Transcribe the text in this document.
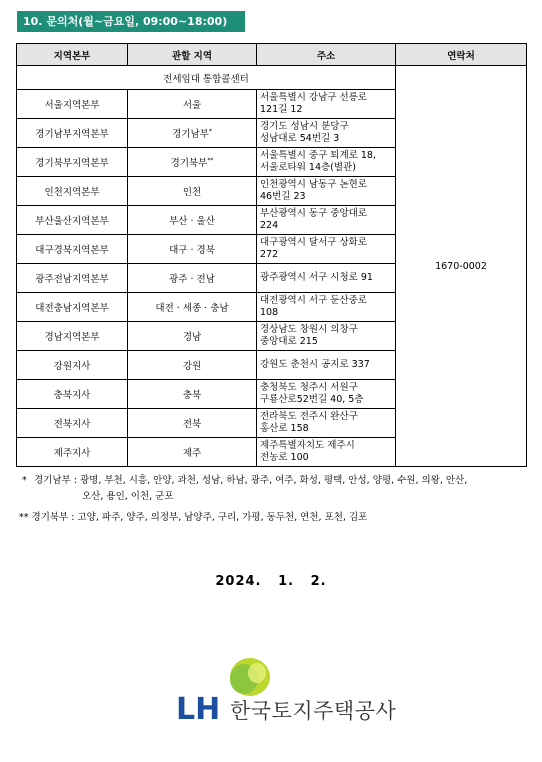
10. 문의처(월~금요일, 09:00~18:00)
지역본부	관할 지역	주소	연락처
전세임대 통합콜센터			1670-0002
서울지역본부	서울	서울특별시 강남구 선릉로
121길 12	

경기남부지역본부	경기남부*	경기도 성남시 분당구
성남대로 54번길 3	

경기북부지역본부	경기북부**	서울특별시 중구 퇴계로 18,
서울로타워 14층(별관)	

인천지역본부	인천	인천광역시 남동구 논현로
46번길 23	

부산울산지역본부	부산 · 울산	부산광역시 동구 중앙대로
224	

대구경북지역본부	대구 · 경북	대구광역시 달서구 상화로
272	

광주전남지역본부	광주 · 전남	광주광역시 서구 시청로 91	

대전충남지역본부	대전 · 세종 · 충남	대전광역시 서구 둔산중로
108	

경남지역본부	경남	경상남도 창원시 의창구
중앙대로 215	

강원지사	강원	강원도 춘천시 공지로 337	

충북지사	충북	충청북도 청주시 서원구
구룡산로52번길 40, 5층	

전북지사	전북	전라북도 전주시 완산구
홍산로 158	

제주지사	제주	제주특별자치도 제주시
전농로 100	
* 경기남부 : 광명, 부천, 시흥, 안양, 과천, 성남, 하남, 광주, 여주, 화성, 평택, 안성, 양평, 수원, 의왕, 안산,
오산, 용인, 이천, 군포
** 경기북부 : 고양, 파주, 양주, 의정부, 남양주, 구리, 가평, 동두천, 연천, 포천, 김포
2024.   1.   2.
LH 한국토지주택공사
